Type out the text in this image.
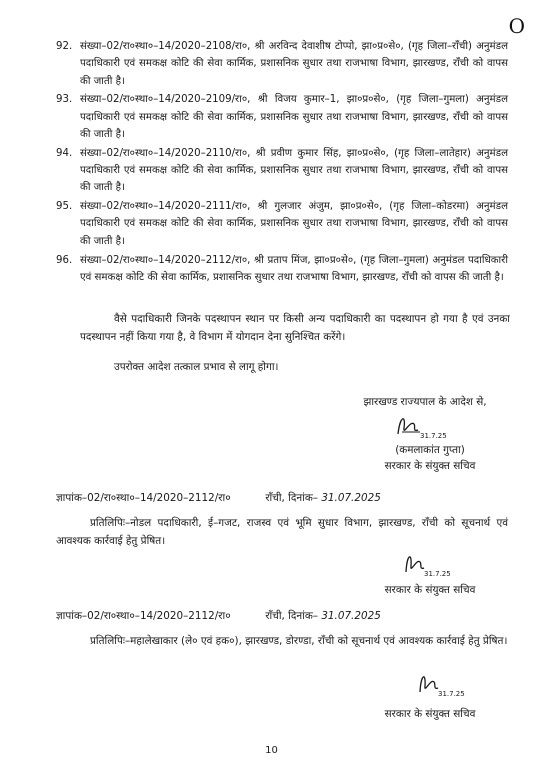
O
92. संख्या–02/रा०स्था०–14/2020–2108/रा०, श्री अरविन्द देवाशीष टोप्पो, झा०प्र०से०, (गृह जिला–राँची) अनुमंडल पदाधिकारी एवं समकक्ष कोटि की सेवा कार्मिक, प्रशासनिक सुधार तथा राजभाषा विभाग, झारखण्ड, राँची को वापस की जाती है।
93. संख्या–02/रा०स्था०–14/2020–2109/रा०, श्री विजय कुमार–1, झा०प्र०से०, (गृह जिला–गुमला) अनुमंडल पदाधिकारी एवं समकक्ष कोटि की सेवा कार्मिक, प्रशासनिक सुधार तथा राजभाषा विभाग, झारखण्ड, राँची को वापस की जाती है।
94. संख्या–02/रा०स्था०–14/2020–2110/रा०, श्री प्रवीण कुमार सिंह, झा०प्र०से०, (गृह जिला–लातेहार) अनुमंडल पदाधिकारी एवं समकक्ष कोटि की सेवा कार्मिक, प्रशासनिक सुधार तथा राजभाषा विभाग, झारखण्ड, राँची को वापस की जाती है।
95. संख्या–02/रा०स्था०–14/2020–2111/रा०, श्री गुलजार अंजुम, झा०प्र०से०, (गृह जिला–कोडरमा) अनुमंडल पदाधिकारी एवं समकक्ष कोटि की सेवा कार्मिक, प्रशासनिक सुधार तथा राजभाषा विभाग, झारखण्ड, राँची को वापस की जाती है।
96. संख्या–02/रा०स्था०–14/2020–2112/रा०, श्री प्रताप मिंज, झा०प्र०से०, (गृह जिला–गुमला) अनुमंडल पदाधिकारी एवं समकक्ष कोटि की सेवा कार्मिक, प्रशासनिक सुधार तथा राजभाषा विभाग, झारखण्ड, राँची को वापस की जाती है।

वैसे पदाधिकारी जिनके पदस्थापन स्थान पर किसी अन्य पदाधिकारी का पदस्थापन हो गया है एवं उनका पदस्थापन नहीं किया गया है, वे विभाग में योगदान देना सुनिश्चित करेंगे।

उपरोक्त आदेश तत्काल प्रभाव से लागू होगा।

झारखण्ड राज्यपाल के आदेश से,
31.7.25
(कमलाकांत गुप्ता)
सरकार के संयुक्त सचिव
ज्ञापांक–02/रा०स्था०–14/2020–2112/रा०	राँची, दिनांक– 31.07.2025

प्रतिलिपिः–नोडल पदाधिकारी, ई–गजट, राजस्व एवं भूमि सुधार विभाग, झारखण्ड, राँची को सूचनार्थ एवं आवश्यक कार्रवाई हेतु प्रेषित।

31.7.25
सरकार के संयुक्त सचिव
ज्ञापांक–02/रा०स्था०–14/2020–2112/रा०	राँची, दिनांक– 31.07.2025

प्रतिलिपिः–महालेखाकार (ले० एवं हक०), झारखण्ड, डोरण्डा, राँची को सूचनार्थ एवं आवश्यक कार्रवाई हेतु प्रेषित।

31.7.25
सरकार के संयुक्त सचिव
10
